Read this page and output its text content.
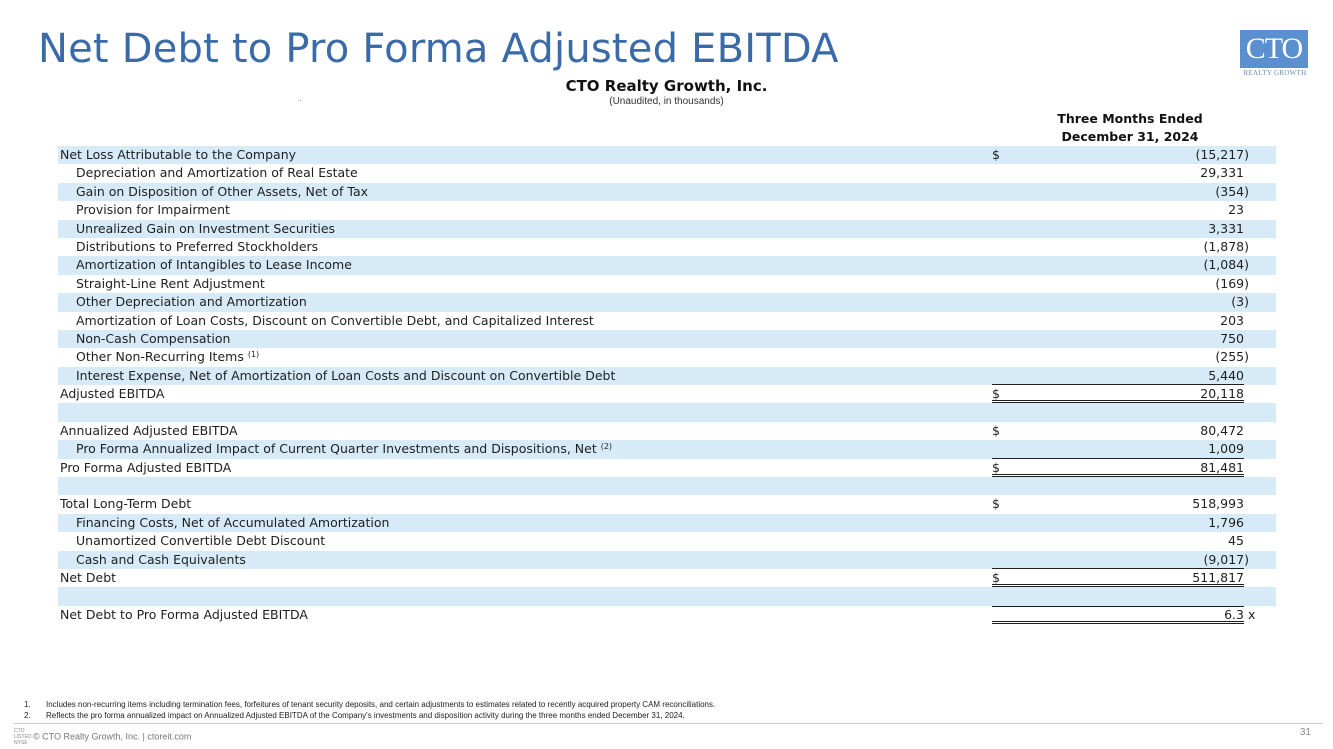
Net Debt to Pro Forma Adjusted EBITDA	CTO
REALTY GROWTH
CTO Realty Growth, Inc.
(Unaudited, in thousands)
Three Months Ended
December 31, 2024
Net Loss Attributable to the Company	$	(15,217)
Depreciation and Amortization of Real Estate	29,331
Gain on Disposition of Other Assets, Net of Tax	(354)
Provision for Impairment	23
Unrealized Gain on Investment Securities	3,331
Distributions to Preferred Stockholders	(1,878)
Amortization of Intangibles to Lease Income	(1,084)
Straight-Line Rent Adjustment	(169)
Other Depreciation and Amortization	(3)
Amortization of Loan Costs, Discount on Convertible Debt, and Capitalized Interest	203
Non-Cash Compensation	750
Other Non-Recurring Items $^{(1)}$	(255)
Interest Expense, Net of Amortization of Loan Costs and Discount on Convertible Debt	5,440
Adjusted EBITDA	$	20,118
Annualized Adjusted EBITDA	$	80,472
Pro Forma Annualized Impact of Current Quarter Investments and Dispositions, Net $^{(2)}$	1,009
Pro Forma Adjusted EBITDA	$	81,481
Total Long-Term Debt	$	518,993
Financing Costs, Net of Accumulated Amortization	1,796
Unamortized Convertible Debt Discount	45
Cash and Cash Equivalents	(9,017)
Net Debt	$	511,817
Net Debt to Pro Forma Adjusted EBITDA	6.3 x
1. Includes non-recurring items including termination fees, forfeitures of tenant security deposits, and certain adjustments to estimates related to recently acquired property CAM reconciliations.
2. Reflects the pro forma annualized impact on Annualized Adjusted EBITDA of the Company's investments and disposition activity during the three months ended December 31, 2024.
CTO
LISTED
NYSE
© CTO Realty Growth, Inc. | ctoreit.com	31
